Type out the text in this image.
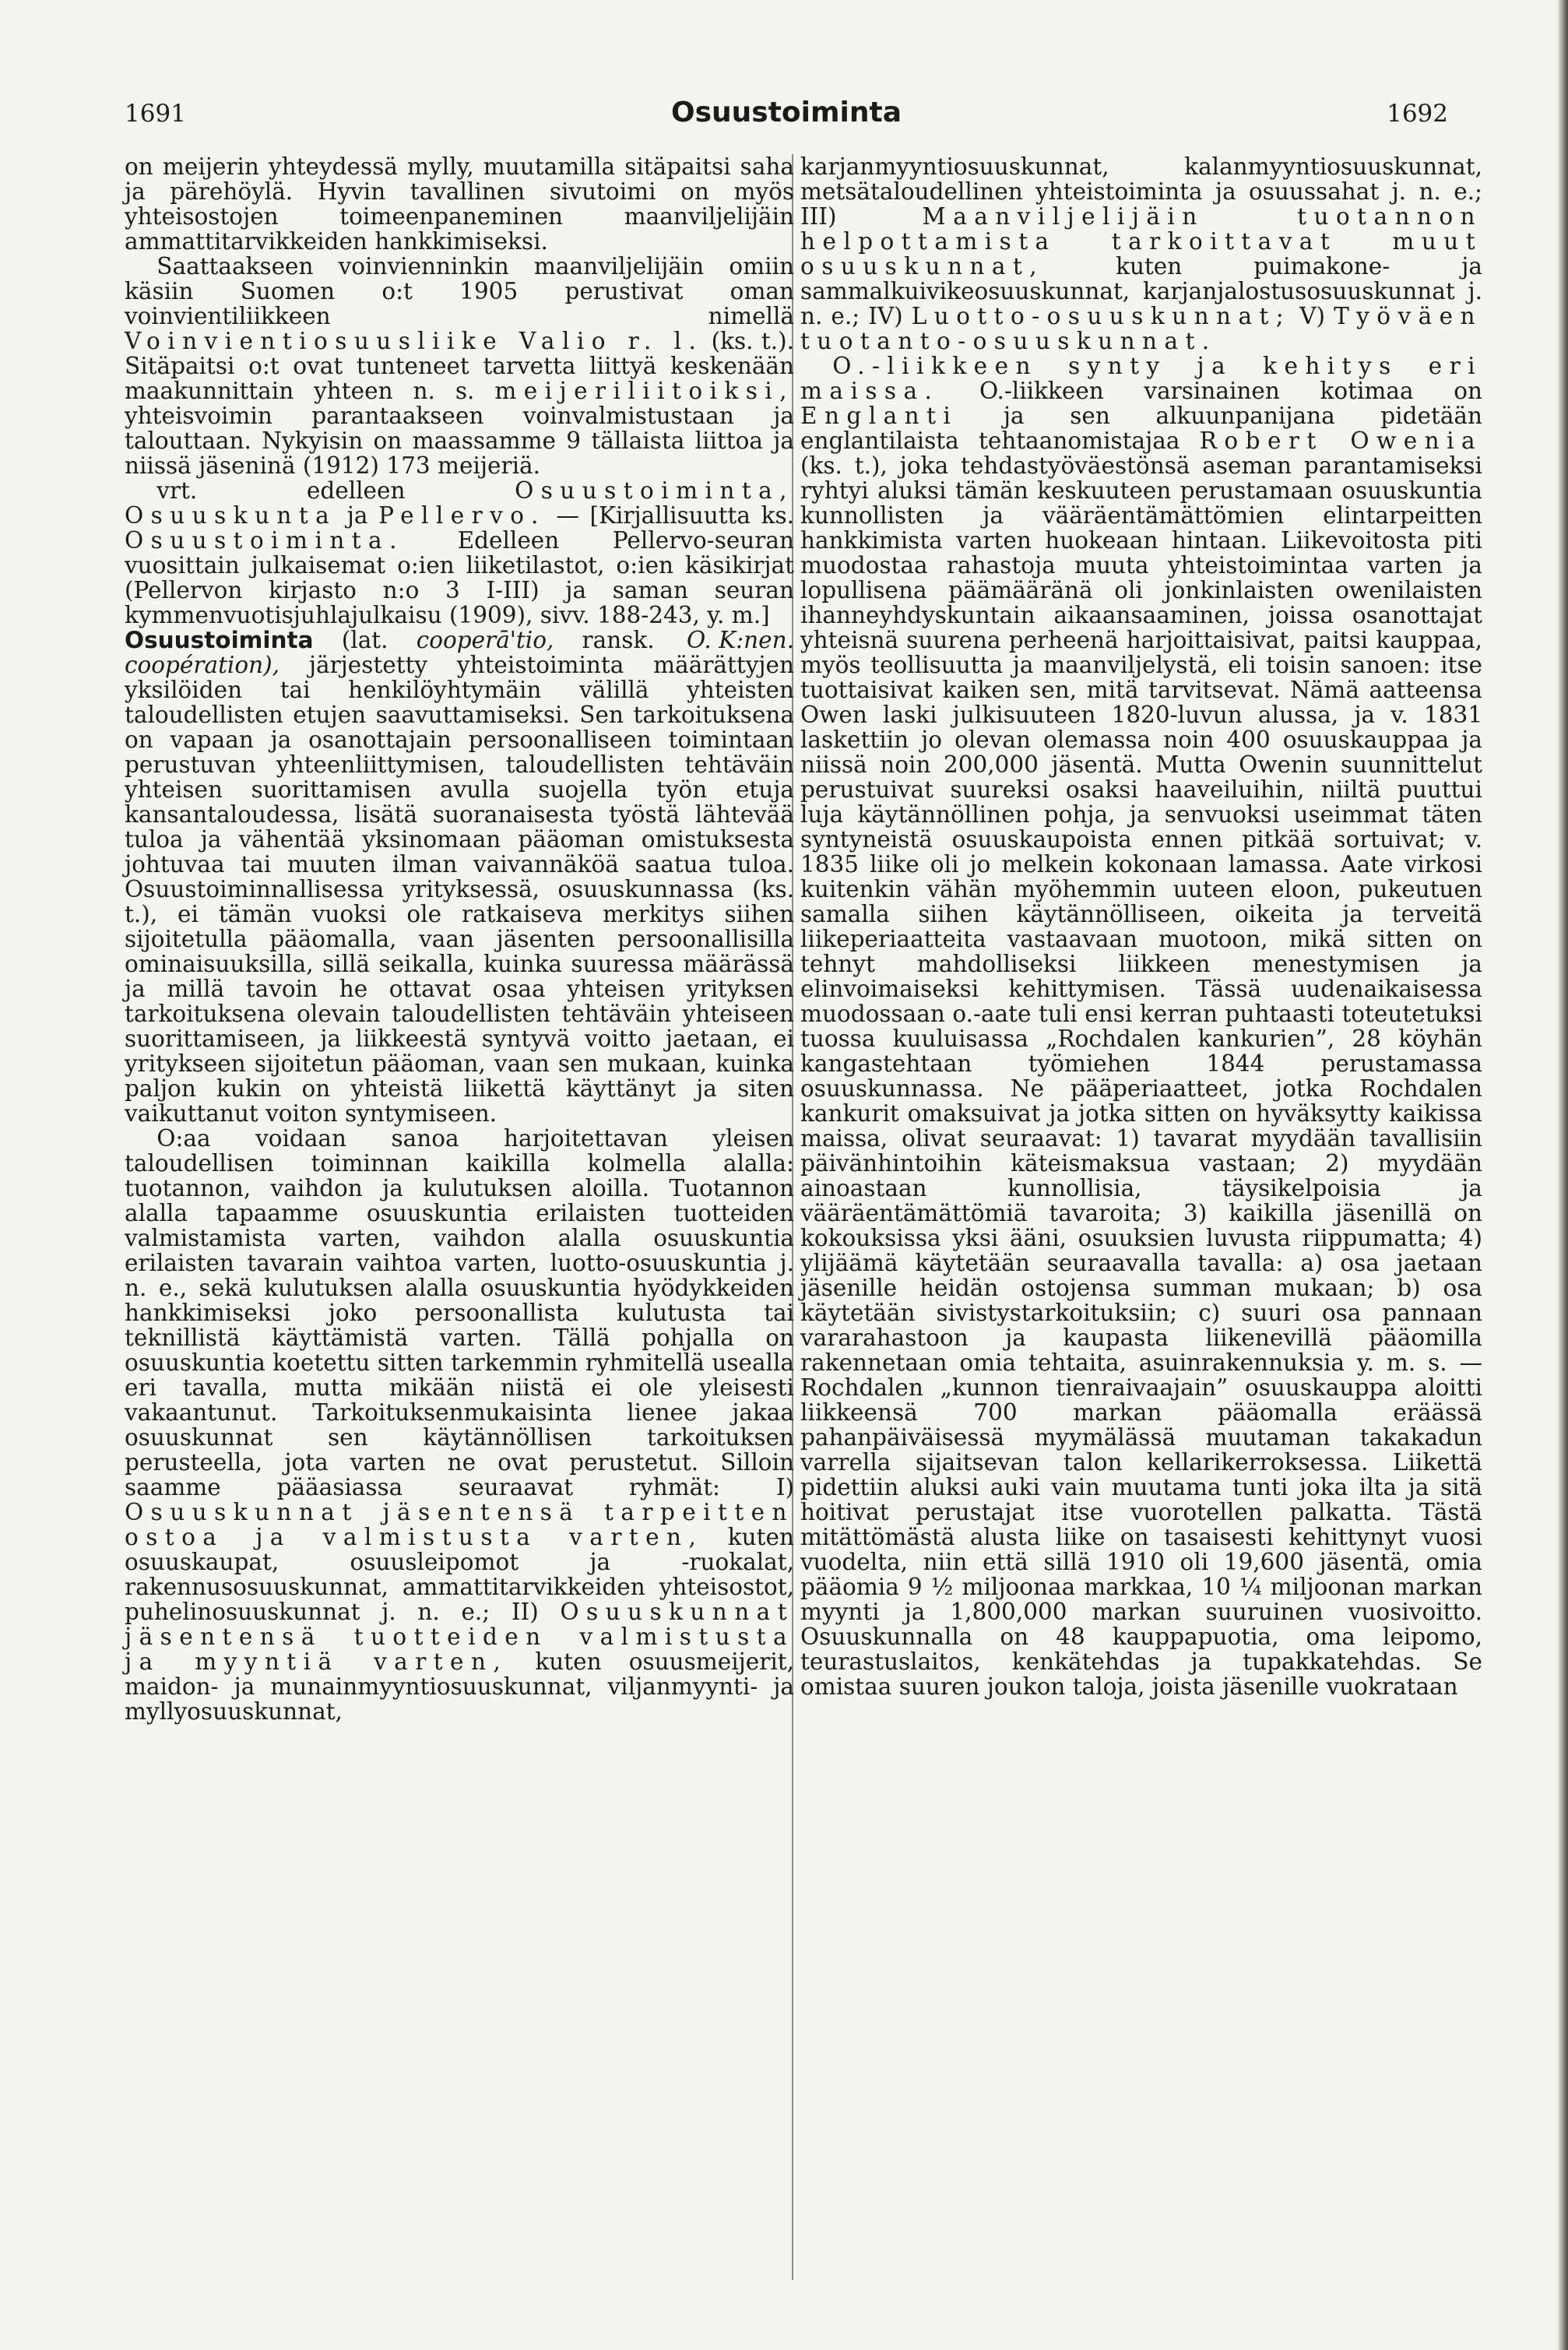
1691	Osuustoiminta	1692

on meijerin yhteydessä mylly, muutamilla sitäpaitsi saha ja pärehöylä. Hyvin tavallinen sivutoimi on myös yhteisostojen toimeenpaneminen maanviljelijäin ammattitarvikkeiden hankkimiseksi.

Saattaakseen voinvienninkin maanviljelijäin omiin käsiin Suomen o:t 1905 perustivat oman voinvientiliikkeen nimellä Voinvientiosuusliike Valio r. l. (ks. t.). Sitäpaitsi o:t ovat tunteneet tarvetta liittyä keskenään maakunnittain yhteen n. s. meijeriliitoiksi, yhteisvoimin parantaakseen voinvalmistustaan ja talouttaan. Nykyisin on maassamme 9 tällaista liittoa ja niissä jäseninä (1912) 173 meijeriä.

vrt. edelleen	Osuustoiminta, Osuuskunta ja Pellervo. — [Kirjallisuutta ks. Osuustoiminta. Edelleen Pellervo-seuran vuosittain julkaisemat o:ien liiketilastot, o:ien käsikirjat (Pellervon kirjasto n:o 3 I-III) ja saman seuran kymmenvuotisjuhlajulkaisu (1909), sivv. 188-243, y. m.]
O. K:nen.

Osuustoiminta (lat. cooperā'tio, ransk. coopération), järjestetty yhteistoiminta määrättyjen yksilöiden tai henkilöyhtymäin välillä yhteisten taloudellisten etujen saavuttamiseksi. Sen tarkoituksena on vapaan ja osanottajain persoonalliseen toimintaan perustuvan yhteenliittymisen, taloudellisten tehtäväin yhteisen suorittamisen avulla suojella työn etuja kansantaloudessa, lisätä suoranaisesta työstä lähtevää tuloa ja vähentää yksinomaan pääoman omistuksesta johtuvaa tai muuten ilman vaivannäköä saatua tuloa. Osuustoiminnallisessa yrityksessä, osuuskunnassa (ks. t.), ei tämän vuoksi ole ratkaiseva merkitys siihen sijoitetulla pääomalla, vaan jäsenten persoonallisilla ominaisuuksilla, sillä seikalla, kuinka suuressa määrässä ja millä tavoin he ottavat osaa yhteisen yrityksen tarkoituksena olevain taloudellisten tehtäväin yhteiseen suorittamiseen, ja liikkeestä syntyvä voitto jaetaan, ei yritykseen sijoitetun pääoman, vaan sen mukaan, kuinka paljon kukin on yhteistä liikettä käyttänyt ja siten vaikuttanut voiton syntymiseen.

O:aa voidaan sanoa harjoitettavan yleisen taloudellisen toiminnan kaikilla kolmella alalla: tuotannon, vaihdon ja kulutuksen aloilla. Tuotannon alalla tapaamme osuuskuntia erilaisten tuotteiden valmistamista varten, vaihdon alalla osuuskuntia erilaisten tavarain vaihtoa varten, luotto-osuuskuntia j. n. e., sekä kulutuksen alalla osuuskuntia hyödykkeiden hankkimiseksi joko persoonallista kulutusta tai teknillistä käyttämistä varten. Tällä pohjalla on osuuskuntia koetettu sitten tarkemmin ryhmitellä usealla eri tavalla, mutta mikään niistä ei ole yleisesti vakaantunut. Tarkoituksenmukaisinta lienee jakaa osuuskunnat sen käytännöllisen tarkoituksen perusteella, jota varten ne ovat perustetut. Silloin saamme pääasiassa seuraavat ryhmät: I) Osuuskunnat jäsentensä tarpeitten ostoa ja valmistusta varten, kuten osuuskaupat, osuusleipomot ja -ruokalat, rakennusosuuskunnat, ammattitarvikkeiden yhteisostot, puhelinosuuskunnat j. n. e.; II) Osuuskunnat jäsentensä tuotteiden valmistusta ja myyntiä varten, kuten osuusmeijerit, maidon- ja munainmyyntiosuuskunnat, viljanmyynti- ja myllyosuuskunnat,

karjanmyyntiosuuskunnat, kalanmyyntiosuuskunnat, metsätaloudellinen yhteistoiminta ja osuussahat j. n. e.; III)	Maanviljelijäin tuotannon helpottamista tarkoittavat muut osuuskunnat,	kuten puimakone- ja sammalkuivikeosuuskunnat, karjanjalostusosuuskunnat j. n. e.; IV) Luotto-osuuskunnat; V) Työväen tuotanto-osuuskunnat.

O.-liikkeen synty ja kehitys eri maissa. O.-liikkeen varsinainen kotimaa on Englanti ja sen alkuunpanijana pidetään englantilaista tehtaanomistajaa Robert Owenia (ks. t.), joka tehdastyöväestönsä aseman parantamiseksi ryhtyi aluksi tämän keskuuteen perustamaan osuuskuntia kunnollisten ja vääräentämättömien elintarpeitten hankkimista varten huokeaan hintaan. Liikevoitosta piti muodostaa rahastoja muuta yhteistoimintaa varten ja lopullisena päämääränä oli jonkinlaisten owenilaisten ihanneyhdyskuntain aikaansaaminen, joissa osanottajat yhteisnä suurena perheenä harjoittaisivat, paitsi kauppaa, myös teollisuutta ja maanviljelystä, eli toisin sanoen: itse tuottaisivat kaiken sen, mitä tarvitsevat. Nämä aatteensa Owen laski julkisuuteen 1820-luvun alussa, ja v. 1831 laskettiin jo olevan olemassa noin 400 osuuskauppaa ja niissä noin 200,000 jäsentä. Mutta Owenin suunnittelut perustuivat suureksi osaksi haaveiluihin, niiltä puuttui luja käytännöllinen pohja, ja senvuoksi useimmat täten syntyneistä osuuskaupoista ennen pitkää sortuivat; v. 1835 liike oli jo melkein kokonaan lamassa. Aate virkosi kuitenkin vähän myöhemmin uuteen eloon, pukeutuen samalla siihen käytännölliseen, oikeita ja terveitä liikeperiaatteita vastaavaan muotoon, mikä sitten on tehnyt mahdolliseksi liikkeen menestymisen ja elinvoimaiseksi kehittymisen. Tässä uudenaikaisessa muodossaan o.-aate tuli ensi kerran puhtaasti toteutetuksi tuossa kuuluisassa „Rochdalen kankurien”, 28 köyhän kangastehtaan työmiehen 1844 perustamassa osuuskunnassa. Ne pääperiaatteet, jotka Rochdalen kankurit omaksuivat ja jotka sitten on hyväksytty kaikissa maissa, olivat seuraavat: 1) tavarat myydään tavallisiin päivänhintoihin käteismaksua vastaan; 2) myydään ainoastaan kunnollisia, täysikelpoisia ja vääräentämättömiä tavaroita; 3) kaikilla jäsenillä on kokouksissa yksi ääni, osuuksien luvusta riippumatta; 4) ylijäämä käytetään seuraavalla tavalla: a) osa jaetaan jäsenille heidän ostojensa summan mukaan; b) osa käytetään sivistystarkoituksiin; c) suuri osa pannaan vararahastoon ja kaupasta liikenevillä pääomilla rakennetaan omia tehtaita, asuinrakennuksia y. m. s. — Rochdalen „kunnon tienraivaajain” osuuskauppa aloitti liikkeensä 700 markan pääomalla eräässä pahanpäiväisessä myymälässä muutaman takakadun varrella sijaitsevan talon kellarikerroksessa. Liikettä pidettiin aluksi auki vain muutama tunti joka ilta ja sitä hoitivat perustajat itse vuorotellen palkatta. Tästä mitättömästä alusta liike on tasaisesti kehittynyt vuosi vuodelta, niin että sillä 1910 oli 19,600 jäsentä, omia pääomia 9 ½ miljoonaa markkaa, 10 ¼ miljoonan markan myynti ja 1,800,000 markan suuruinen vuosivoitto. Osuuskunnalla on 48 kauppapuotia, oma leipomo, teurastuslaitos, kenkätehdas ja tupakkatehdas. Se omistaa suuren joukon taloja, joista jäsenille vuokrataan
